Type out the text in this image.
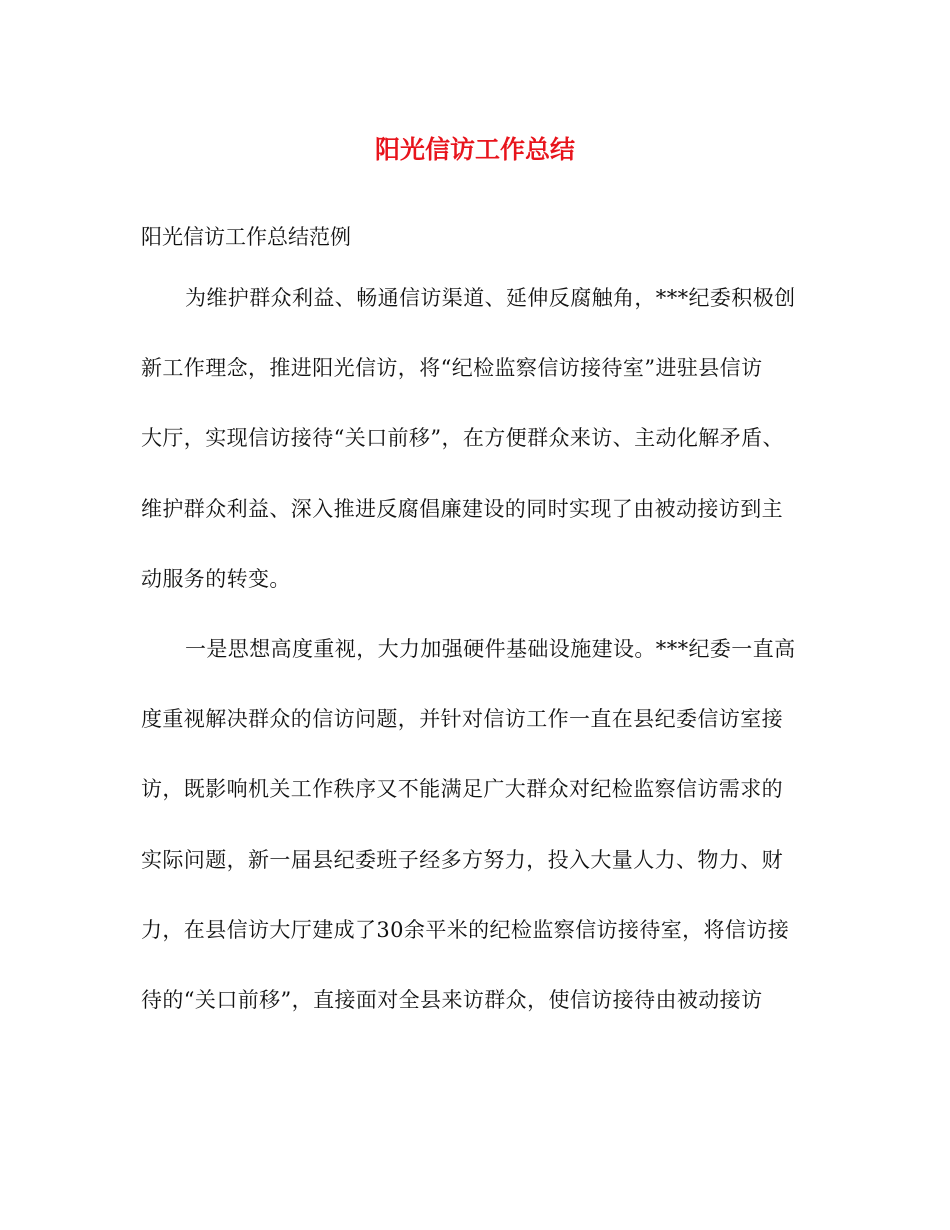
阳光信访工作总结

阳光信访工作总结范例

为维护群众利益、畅通信访渠道、延伸反腐触角，***纪委积极创

新工作理念，推进阳光信访，将“纪检监察信访接待室”进驻县信访

大厅，实现信访接待“关口前移”，在方便群众来访、主动化解矛盾、

维护群众利益、深入推进反腐倡廉建设的同时实现了由被动接访到主

动服务的转变。

一是思想高度重视，大力加强硬件基础设施建设。***纪委一直高

度重视解决群众的信访问题，并针对信访工作一直在县纪委信访室接

访，既影响机关工作秩序又不能满足广大群众对纪检监察信访需求的

实际问题，新一届县纪委班子经多方努力，投入大量人力、物力、财

力，在县信访大厅建成了30余平米的纪检监察信访接待室，将信访接

待的“关口前移”，直接面对全县来访群众，使信访接待由被动接访
